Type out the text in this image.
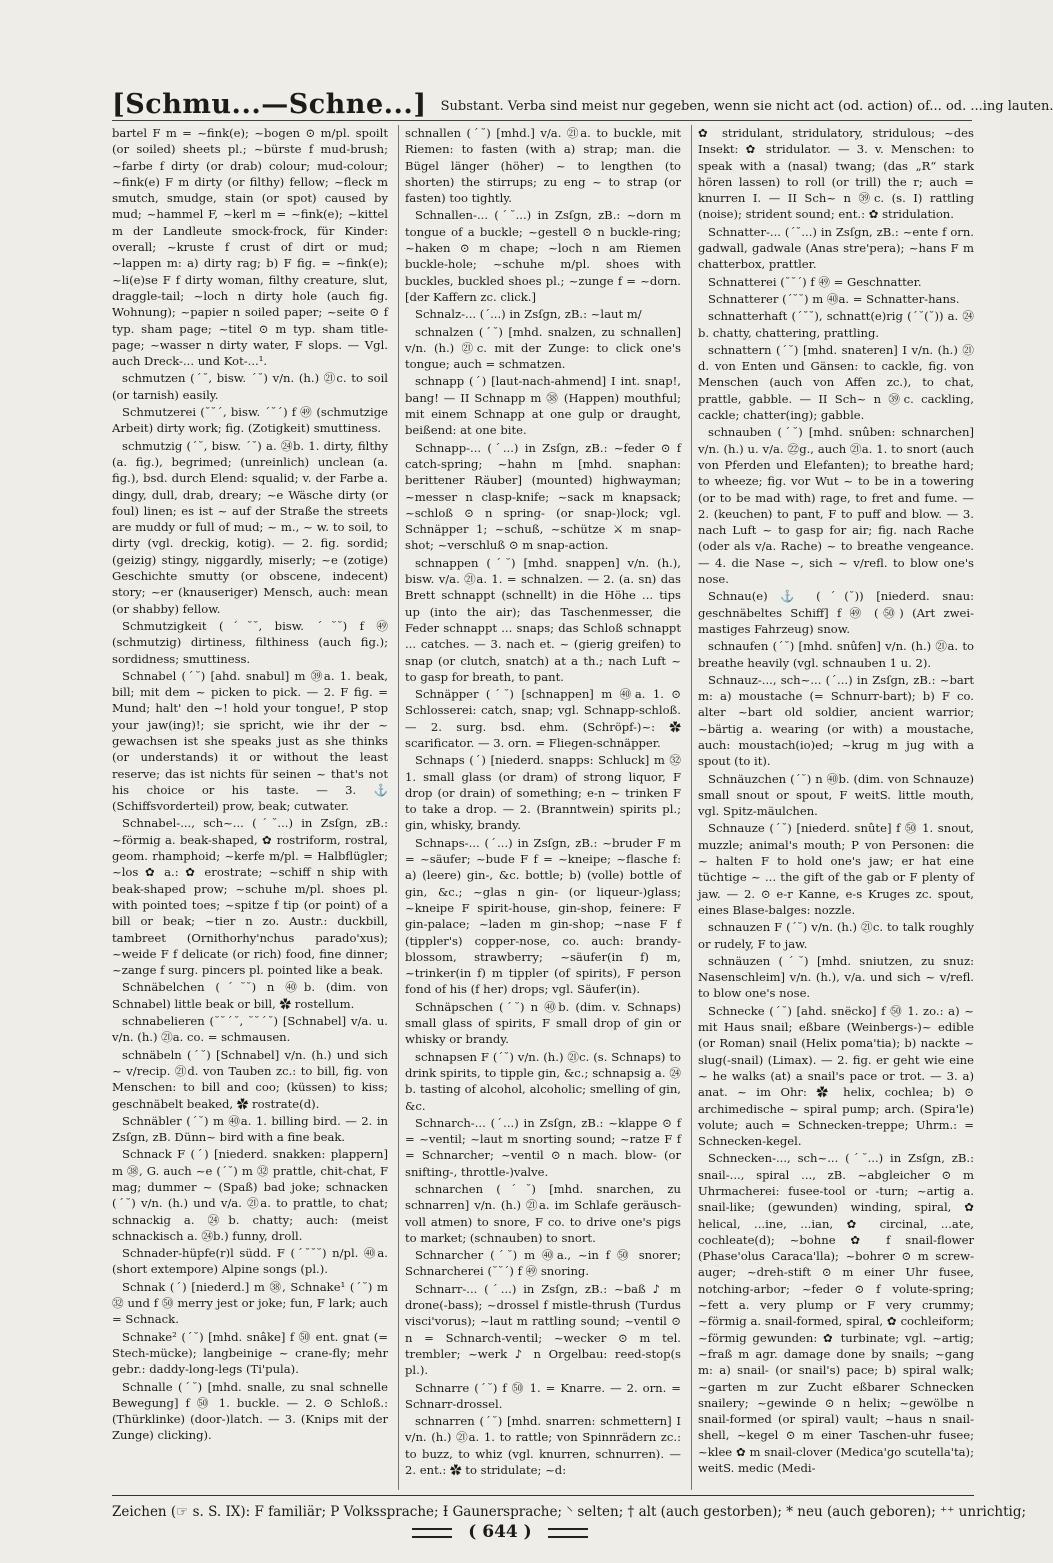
[Schmu...—Schne...] Substant. Verba sind meist nur gegeben, wenn sie nicht act (od. action) of... od. ...ing lauten.

bartel F m = ~fink(e); ~bogen ⊙ m/pl. spoilt (or soiled) sheets pl.; ~bürste f mud-brush; ~farbe f dirty (or drab) colour; mud-colour; ~fink(e) F m dirty (or filthy) fellow; ~fleck m smutch, smudge, stain (or spot) caused by mud; ~hammel F, ~kerl m = ~fink(e); ~kittel m der Landleute smock-frock, für Kinder: overall; ~kruste f crust of dirt or mud; ~lappen m: a) dirty rag; b) F fig. = ~fink(e); ~li(e)se F f dirty woman, filthy creature, slut, draggle-tail; ~loch n dirty hole (auch fig. Wohnung); ~papier n soiled paper; ~seite ⊙ f typ. sham page; ~titel ⊙ m typ. sham title-page; ~wasser n dirty water, F slops. — Vgl. auch Dreck-... und Kot-...¹.

schmutzen (ˊ˘, bisw. ˊ˘) v/n. (h.) ㉑c. to soil (or tarnish) easily.

Schmutzerei (˘˘ˊ, bisw. ˊ˘ˊ) f ㊾ (schmutzige Arbeit) dirty work; fig. (Zotigkeit) smuttiness.

schmutzig (ˊ˘, bisw. ˊ˘) a. ㉔b. 1. dirty, filthy (a. fig.), begrimed; (unreinlich) unclean (a. fig.), bsd. durch Elend: squalid; v. der Farbe a. dingy, dull, drab, dreary; ~e Wäsche dirty (or foul) linen; es ist ~ auf der Straße the streets are muddy or full of mud; ~ m., ~ w. to soil, to dirty (vgl. dreckig, kotig). — 2. fig. sordid; (geizig) stingy, niggardly, miserly; ~e (zotige) Geschichte smutty (or obscene, indecent) story; ~er (knauseriger) Mensch, auch: mean (or shabby) fellow.

Schmutzigkeit (ˊ˘˘, bisw. ˊ˘˘) f ㊾ (schmutzig) dirtiness, filthiness (auch fig.); sordidness; smuttiness.

Schnabel (ˊ˘) [ahd. snabul] m ㊴a. 1. beak, bill; mit dem ~ picken to pick. — 2. F fig. = Mund; halt' den ~! hold your tongue!, P stop your jaw(ing)!; sie spricht, wie ihr der ~ gewachsen ist she speaks just as she thinks (or understands) it or without the least reserve; das ist nichts für seinen ~ that's not his choice or his taste. — 3. ⚓ (Schiffsvorderteil) prow, beak; cutwater.

Schnabel-..., sch~... (ˊ˘...) in Zsſgn, zB.: ~förmig a. beak-shaped, ✿ rostriform, rostral, geom. rhamphoid; ~kerfe m/pl. = Halbflügler; ~los ✿ a.: ✿ erostrate; ~schiff n ship with beak-shaped prow; ~schuhe m/pl. shoes pl. with pointed toes; ~spitze f tip (or point) of a bill or beak; ~tier n zo. Austr.: duckbill, tambreet (Ornithorhy'nchus parado'xus); ~weide F f delicate (or rich) food, fine dinner; ~zange f surg. pincers pl. pointed like a beak.

Schnäbelchen (ˊ˘˘) n ㊵b. (dim. von Schnabel) little beak or bill, ✿ rostellum.

schnabelieren (˘˘ˊ˘, ˘˘ˊ˘) [Schnabel] v/a. u. v/n. (h.) ㉑a. co. = schmausen.

schnäbeln (ˊ˘) [Schnabel] v/n. (h.) und sich ~ v/recip. ㉑d. von Tauben zc.: to bill, fig. von Menschen: to bill and coo; (küssen) to kiss; geschnäbelt beaked, ✿ rostrate(d).

Schnäbler (ˊ˘) m ㊵a. 1. billing bird. — 2. in Zsſgn, zB. Dünn~ bird with a fine beak.

Schnack F (ˊ) [niederd. snakken: plappern] m ㊳, G. auch ~e (ˊ˘) m ㉜ prattle, chit-chat, F mag; dummer ~ (Spaß) bad joke; schnacken (ˊ˘) v/n. (h.) und v/a. ㉑a. to prattle, to chat; schnackig a. ㉔b. chatty; auch: (meist schnackisch a. ㉔b.) funny, droll.

Schnader-hüpfe(r)l südd. F (ˊ˘˘˘) n/pl. ㊵a. (short extempore) Alpine songs (pl.).

Schnak (ˊ) [niederd.] m ㊳, Schnake¹ (ˊ˘) m ㉜ und f ㊿ merry jest or joke; fun, F lark; auch = Schnack.

Schnake² (ˊ˘) [mhd. snâke] f ㊿ ent. gnat (= Stech-mücke); langbeinige ~ crane-fly; mehr gebr.: daddy-long-legs (Ti'pula).

Schnalle (ˊ˘) [mhd. snalle, zu snal schnelle Bewegung] f ㊿ 1. buckle. — 2. ⊙ Schloß.: (Thürklinke) (door-)latch. — 3. (Knips mit der Zunge) clicking).

schnallen (ˊ˘) [mhd.] v/a. ㉑a. to buckle, mit Riemen: to fasten (with a) strap; man. die Bügel länger (höher) ~ to lengthen (to shorten) the stirrups; zu eng ~ to strap (or fasten) too tightly.

Schnallen-... (ˊ˘...) in Zsſgn, zB.: ~dorn m tongue of a buckle; ~gestell ⊙ n buckle-ring; ~haken ⊙ m chape; ~loch n am Riemen buckle-hole; ~schuhe m/pl. shoes with buckles, buckled shoes pl.; ~zunge f = ~dorn. [der Kaffern zc. click.]

Schnalz-... (ˊ...) in Zsſgn, zB.: ~laut m/

schnalzen (ˊ˘) [mhd. snalzen, zu schnallen] v/n. (h.) ㉑c. mit der Zunge: to click one's tongue; auch = schmatzen.

schnapp (ˊ) [laut-nach-ahmend] I int. snap!, bang! — II Schnapp m ㊳ (Happen) mouthful; mit einem Schnapp at one gulp or draught, beißend: at one bite.

Schnapp-... (ˊ...) in Zsſgn, zB.: ~feder ⊙ f catch-spring; ~hahn m [mhd. snaphan: berittener Räuber] (mounted) highwayman; ~messer n clasp-knife; ~sack m knapsack; ~schloß ⊙ n spring- (or snap-)lock; vgl. Schnäpper 1; ~schuß, ~schütze ⚔ m snap-shot; ~verschluß ⊙ m snap-action.

schnappen (ˊ˘) [mhd. snappen] v/n. (h.), bisw. v/a. ㉑a. 1. = schnalzen. — 2. (a. sn) das Brett schnappt (schnellt) in die Höhe ... tips up (into the air); das Taschenmesser, die Feder schnappt ... snaps; das Schloß schnappt ... catches. — 3. nach et. ~ (gierig greifen) to snap (or clutch, snatch) at a th.; nach Luft ~ to gasp for breath, to pant.

Schnäpper (ˊ˘) [schnappen] m ㊵a. 1. ⊙ Schlosserei: catch, snap; vgl. Schnapp-schloß. — 2. surg. bsd. ehm. (Schröpf-)~: ✿ scarificator. — 3. orn. = Fliegen-schnäpper.

Schnaps (ˊ) [niederd. snapps: Schluck] m ㉜ 1. small glass (or dram) of strong liquor, F drop (or drain) of something; e-n ~ trinken F to take a drop. — 2. (Branntwein) spirits pl.; gin, whisky, brandy.

Schnaps-... (ˊ...) in Zsſgn, zB.: ~bruder F m = ~säufer; ~bude F f = ~kneipe; ~flasche f: a) (leere) gin-, &c. bottle; b) (volle) bottle of gin, &c.; ~glas n gin- (or liqueur-)glass; ~kneipe F spirit-house, gin-shop, feinere: F gin-palace; ~laden m gin-shop; ~nase F f (tippler's) copper-nose, co. auch: brandy-blossom, strawberry; ~säufer(in f) m, ~trinker(in f) m tippler (of spirits), F person fond of his (f her) drops; vgl. Säufer(in).

Schnäpschen (ˊ˘) n ㊵b. (dim. v. Schnaps) small glass of spirits, F small drop of gin or whisky or brandy.

schnapsen F (ˊ˘) v/n. (h.) ㉑c. (s. Schnaps) to drink spirits, to tipple gin, &c.; schnapsig a. ㉔b. tasting of alcohol, alcoholic; smelling of gin, &c.

Schnarch-... (ˊ...) in Zsſgn, zB.: ~klappe ⊙ f = ~ventil; ~laut m snorting sound; ~ratze F f = Schnarcher; ~ventil ⊙ n mach. blow- (or snifting-, throttle-)valve.

schnarchen (ˊ˘) [mhd. snarchen, zu schnarren] v/n. (h.) ㉑a. im Schlafe geräusch-voll atmen) to snore, F co. to drive one's pigs to market; (schnauben) to snort.

Schnarcher (ˊ˘) m ㊵a., ~in f ㊿ snorer; Schnarcherei (˘˘ˊ) f ㊾ snoring.

Schnarr-... (ˊ...) in Zsſgn, zB.: ~baß ♪ m drone(-bass); ~drossel f mistle-thrush (Turdus visci'vorus); ~laut m rattling sound; ~ventil ⊙ n = Schnarch-ventil; ~wecker ⊙ m tel. trembler; ~werk ♪ n Orgelbau: reed-stop(s pl.).

Schnarre (ˊ˘) f ㊿ 1. = Knarre. — 2. orn. = Schnarr-drossel.

schnarren (ˊ˘) [mhd. snarren: schmettern] I v/n. (h.) ㉑a. 1. to rattle; von Spinnrädern zc.: to buzz, to whiz (vgl. knurren, schnurren). — 2. ent.: ✿ to stridulate; ~d:

✿ stridulant, stridulatory, stridulous; ~des Insekt: ✿ stridulator. — 3. v. Menschen: to speak with a (nasal) twang; (das „R“ stark hören lassen) to roll (or trill) the r; auch = knurren I. — II Sch~ n ㊴c. (s. I) rattling (noise); strident sound; ent.: ✿ stridulation.

Schnatter-... (ˊ˘...) in Zsſgn, zB.: ~ente f orn. gadwall, gadwale (Anas stre'pera); ~hans F m chatterbox, prattler.

Schnatterei (˘˘ˊ) f ㊾ = Geschnatter.

Schnatterer (ˊ˘˘) m ㊵a. = Schnatter-hans.

schnatterhaft (ˊ˘˘), schnatt(e)rig (ˊ˘(˘)) a. ㉔b. chatty, chattering, prattling.

schnattern (ˊ˘) [mhd. snateren] I v/n. (h.) ㉑d. von Enten und Gänsen: to cackle, fig. von Menschen (auch von Affen zc.), to chat, prattle, gabble. — II Sch~ n ㊴c. cackling, cackle; chatter(ing); gabble.

schnauben (ˊ˘) [mhd. snûben: schnarchen] v/n. (h.) u. v/a. ㉒g., auch ㉑a. 1. to snort (auch von Pferden und Elefanten); to breathe hard; to wheeze; fig. vor Wut ~ to be in a towering (or to be mad with) rage, to fret and fume. — 2. (keuchen) to pant, F to puff and blow. — 3. nach Luft ~ to gasp for air; fig. nach Rache (oder als v/a. Rache) ~ to breathe vengeance. — 4. die Nase ~, sich ~ v/refl. to blow one's nose.

Schnau(e) ⚓ (ˊ(˘)) [niederd. snau: geschnäbeltes Schiff] f ㊾ (㊿) (Art zwei-mastiges Fahrzeug) snow.

schnaufen (ˊ˘) [mhd. snûfen] v/n. (h.) ㉑a. to breathe heavily (vgl. schnauben 1 u. 2).

Schnauz-..., sch~... (ˊ...) in Zsſgn, zB.: ~bart m: a) moustache (= Schnurr-bart); b) F co. alter ~bart old soldier, ancient warrior; ~bärtig a. wearing (or with) a moustache, auch: moustach(io)ed; ~krug m jug with a spout (to it).

Schnäuzchen (ˊ˘) n ㊵b. (dim. von Schnauze) small snout or spout, F weitS. little mouth, vgl. Spitz-mäulchen.

Schnauze (ˊ˘) [niederd. snûte] f ㊿ 1. snout, muzzle; animal's mouth; P von Personen: die ~ halten F to hold one's jaw; er hat eine tüchtige ~ ... the gift of the gab or F plenty of jaw. — 2. ⊙ e-r Kanne, e-s Kruges zc. spout, eines Blase-balges: nozzle.

schnauzen F (ˊ˘) v/n. (h.) ㉑c. to talk roughly or rudely, F to jaw.

schnäuzen (ˊ˘) [mhd. sniutzen, zu snuz: Nasenschleim] v/n. (h.), v/a. und sich ~ v/refl. to blow one's nose.

Schnecke (ˊ˘) [ahd. snëcko] f ㊿ 1. zo.: a) ~ mit Haus snail; eßbare (Weinbergs-)~ edible (or Roman) snail (Helix poma'tia); b) nackte ~ slug(-snail) (Limax). — 2. fig. er geht wie eine ~ he walks (at) a snail's pace or trot. — 3. a) anat. ~ im Ohr: ✿ helix, cochlea; b) ⊙ archimedische ~ spiral pump; arch. (Spira'le) volute; auch = Schnecken-treppe; Uhrm.: = Schnecken-kegel.

Schnecken-..., sch~... (ˊ˘...) in Zsſgn, zB.: snail-..., spiral ..., zB. ~abgleicher ⊙ m Uhrmacherei: fusee-tool or -turn; ~artig a. snail-like; (gewunden) winding, spiral, ✿ helical, ...ine, ...ian, ✿ circinal, ...ate, cochleate(d); ~bohne ✿ f snail-flower (Phase'olus Caraca'lla); ~bohrer ⊙ m screw-auger; ~dreh-stift ⊙ m einer Uhr fusee, notching-arbor; ~feder ⊙ f volute-spring; ~fett a. very plump or F very crummy; ~förmig a. snail-formed, spiral, ✿ cochleiform; ~förmig gewunden: ✿ turbinate; vgl. ~artig; ~fraß m agr. damage done by snails; ~gang m: a) snail- (or snail's) pace; b) spiral walk; ~garten m zur Zucht eßbarer Schnecken snailery; ~gewinde ⊙ n helix; ~gewölbe n snail-formed (or spiral) vault; ~haus n snail-shell, ~kegel ⊙ m einer Taschen-uhr fusee; ~klee ✿ m snail-clover (Medica'go scutella'ta); weitS. medic (Medi-

Zeichen (☞ s. S. IX): F familiär; P Volkssprache; Ɨ Gaunersprache; ⸌ selten; † alt (auch gestorben); * neu (auch geboren); ⁺⁺ unrichtig;
( 644 )
